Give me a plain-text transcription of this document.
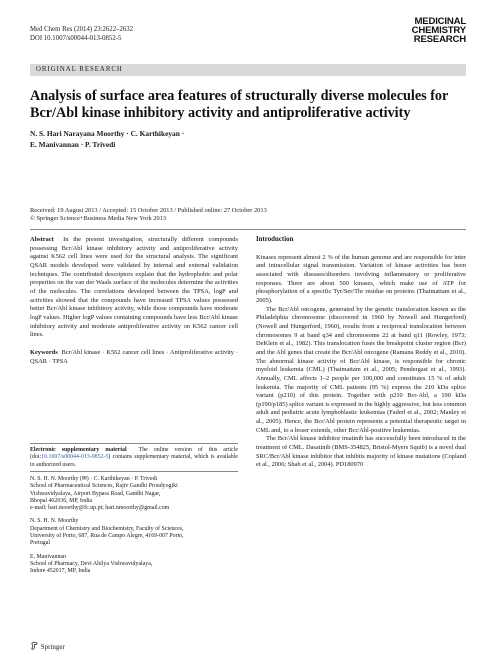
Med Chem Res (2014) 23:2622–2632
DOI 10.1007/s00044-013-0852-5
MEDICINAL
CHEMISTRY
RESEARCH
ORIGINAL RESEARCH
Analysis of surface area features of structurally diverse molecules for Bcr/Abl kinase inhibitory activity and antiproliferative activity
N. S. Hari Narayana Moorthy · C. Karthikeyan ·
E. Manivannan · P. Trivedi
Received: 19 August 2013 / Accepted: 15 October 2013 / Published online: 27 October 2013
© Springer Science+Business Media New York 2013

Abstract In the present investigation, structurally different compounds possessing Bcr/Abl kinase inhibitory activity and antiproliferative activity against K562 cell lines were used for the structural analysis. The significant QSAR models developed were validated by internal and external validation techniques. The contributed descriptors explain that the hydrophobic and polar properties on the van der Waals surface of the molecules determine the activities of the molecules. The correlations developed between the TPSA, logP and activities showed that the compounds have increased TPSA values possessed better Bcr/Abl kinase inhibitory activity, while those compounds have moderate logP values. Higher logP values containing compounds have less Bcr/Abl kinase inhibitory activity and moderate antiproliferative activity on K562 cancer cell lines.

Keywords Bcr/Abl kinase · K562 cancer cell lines · Antiproliferative activity · QSAR · TPSA

Electronic supplementary material The online version of this article (doi:10.1007/s00044-013-0852-5) contains supplementary material, which is available to authorized users.

N. S. H. N. Moorthy (✉) · C. Karthikeyan · P. Trivedi
School of Pharmaceutical Sciences, Rajiv Gandhi Proudyogiki
Vishwavidyalaya, Airport Bypass Road, Gandhi Nagar,
Bhopal 462036, MP, India
e-mail: hari.moorthy@fc.up.pt; hari.nmoorthy@gmail.com
N. S. H. N. Moorthy
Department of Chemistry and Biochemistry, Faculty of Sciences,
University of Porto, 687, Rua de Campo Alegre, 4169-007 Porto,
Portugal
E. Manivannan
School of Pharmacy, Devi Ahilya Vishwavidyalaya,
Indore 452017, MP, India

Introduction

Kinases represent almost 2 % of the human genome and are responsible for inter and intracellular signal transmission. Variation of kinase activities has been associated with diseases/disorders involving inflammatory or proliferative responses. There are about 500 kinases, which make use of ATP for phosphorylation of a specific Tyr/Ser/Thr residue on proteins (Thaimattam et al., 2005).

The Bcr/Abl oncogene, generated by the genetic translocation known as the Philadelphia chromosome (discovered in 1960 by Nowell and Hungerford) (Nowell and Hungerford, 1960), results from a reciprocal translocation between chromosomes 9 at band q34 and chromosome 22 at band q11 (Rowley, 1973; DeKlein et al., 1982). This translocation fuses the breakpoint cluster region (Bcr) and the Abl genes that create the Bcr/Abl oncogene (Ramana Reddy et al., 2010). The abnormal kinase activity of Bcr/Abl kinase, is responsible for chronic myeloid leukemia (CML) (Thaimattam et al., 2005; Pendergast et al., 1993). Annually, CML affects 1–2 people per 100,000 and constitutes 15 % of adult leukemia. The majority of CML patients (95 %) express the 210 kDa splice variant (p210) of this protein. Together with p210 Bcr-Abl, a 190 kDa (p190/p185) splice variant is expressed in the highly aggressive, but less common adult and pediatric acute lymphoblastic leukemias (Faderl et al., 2002; Manley et al., 2005). Hence, the Bcr/Abl protein represents a potential therapeutic target in CML and, to a lesser extends, other Bcr/Abl-positive leukemias.

The Bcr/Abl kinase inhibitor imatinib has successfully been introduced in the treatment of CML. Dasatinib (BMS-354825, Bristol-Myers Squib) is a novel dual SRC/Bcr/Abl kinase inhibitor that inhibits majority of kinase mutations (Copland et al., 2006; Shah et al., 2004). PD180970

Springer
